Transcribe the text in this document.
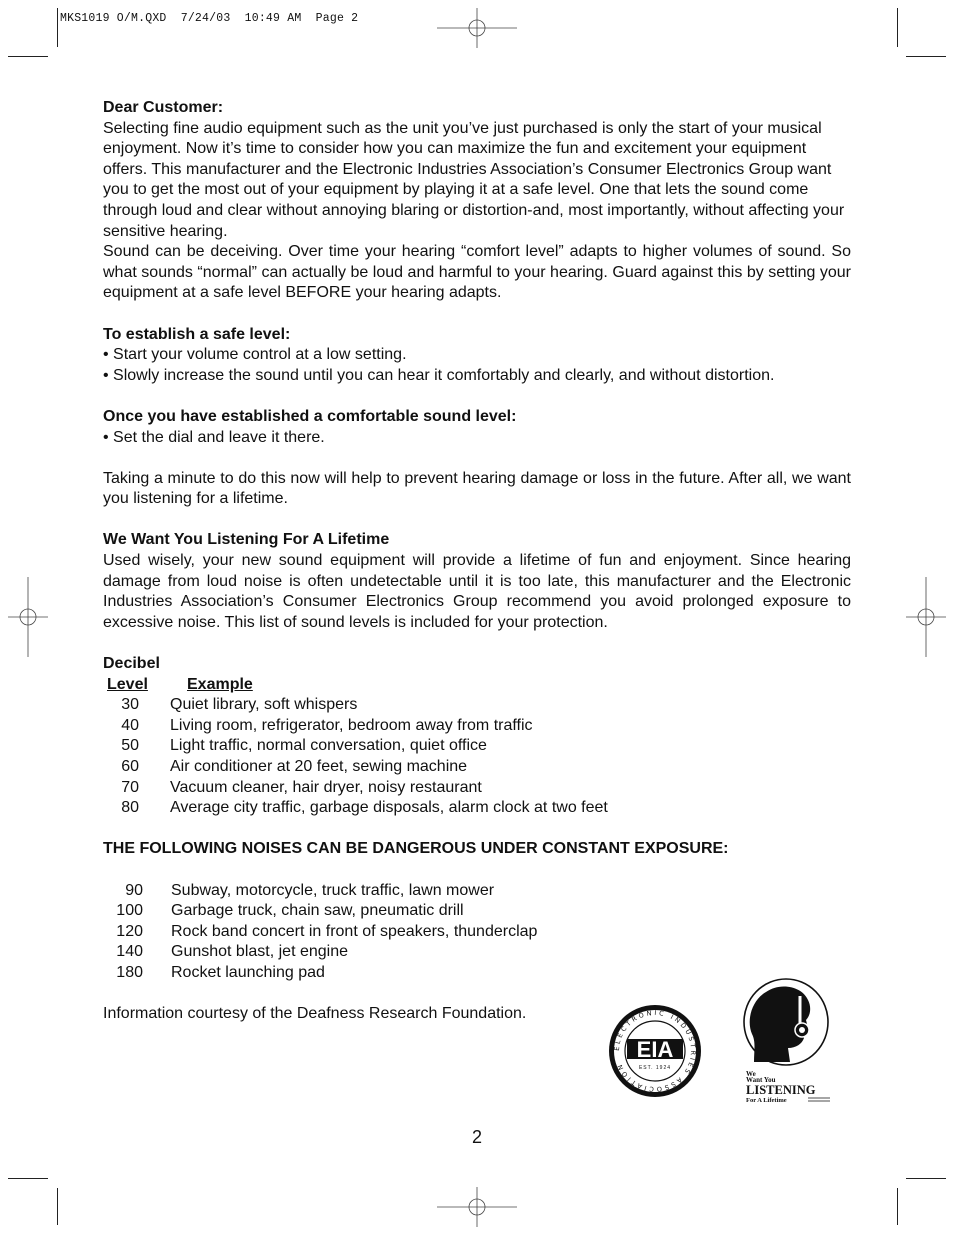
MKS1019 O/M.QXD  7/24/03  10:49 AM  Page 2

Dear Customer:

Selecting fine audio equipment such as the unit you’ve just purchased is only the start of your musical enjoyment. Now it’s time to consider how you can maximize the fun and excitement your equipment offers. This manufacturer and the Electronic Industries Association’s Consumer Electronics Group want you to get the most out of your equipment by playing it at a safe level. One that lets the sound come through loud and clear without annoying blaring or distortion-and, most importantly, without affecting your sensitive hearing.

Sound can be deceiving. Over time your hearing “comfort level” adapts to higher volumes of sound. So what sounds “normal” can actually be loud and harmful to your hearing. Guard against this by setting your equipment at a safe level BEFORE your hearing adapts.

To establish a safe level:

• Start your volume control at a low setting.

• Slowly increase the sound until you can hear it comfortably and clearly, and without distortion.

Once you have established a comfortable sound level:

• Set the dial and leave it there.

Taking a minute to do this now will help to prevent hearing damage or loss in the future. After all, we want you listening for a lifetime.

We Want You Listening For A Lifetime

Used wisely, your new sound equipment will provide a lifetime of fun and enjoyment. Since hearing damage from loud noise is often undetectable until it is too late, this manufacturer and the Electronic Industries Association’s Consumer Electronics Group recommend you avoid prolonged exposure to excessive noise. This list of sound levels is included for your protection.

Decibel

Level	Example
30	Quiet library, soft whispers
40	Living room, refrigerator, bedroom away from traffic
50	Light traffic, normal conversation, quiet office
60	Air conditioner at 20 feet, sewing machine
70	Vacuum cleaner, hair dryer, noisy restaurant
80	Average city traffic, garbage disposals, alarm clock at two feet

THE FOLLOWING NOISES CAN BE DANGEROUS UNDER CONSTANT EXPOSURE:

90	Subway, motorcycle, truck traffic, lawn mower
100	Garbage truck, chain saw, pneumatic drill
120	Rock band concert in front of speakers, thunderclap
140	Gunshot blast, jet engine
180	Rocket launching pad

Information courtesy of the Deafness Research Foundation.

ELECTRONIC INDUSTRIES ASSOCIATION
EIA
EST. 1924
We
Want You
LISTENING
For A Lifetime
2
